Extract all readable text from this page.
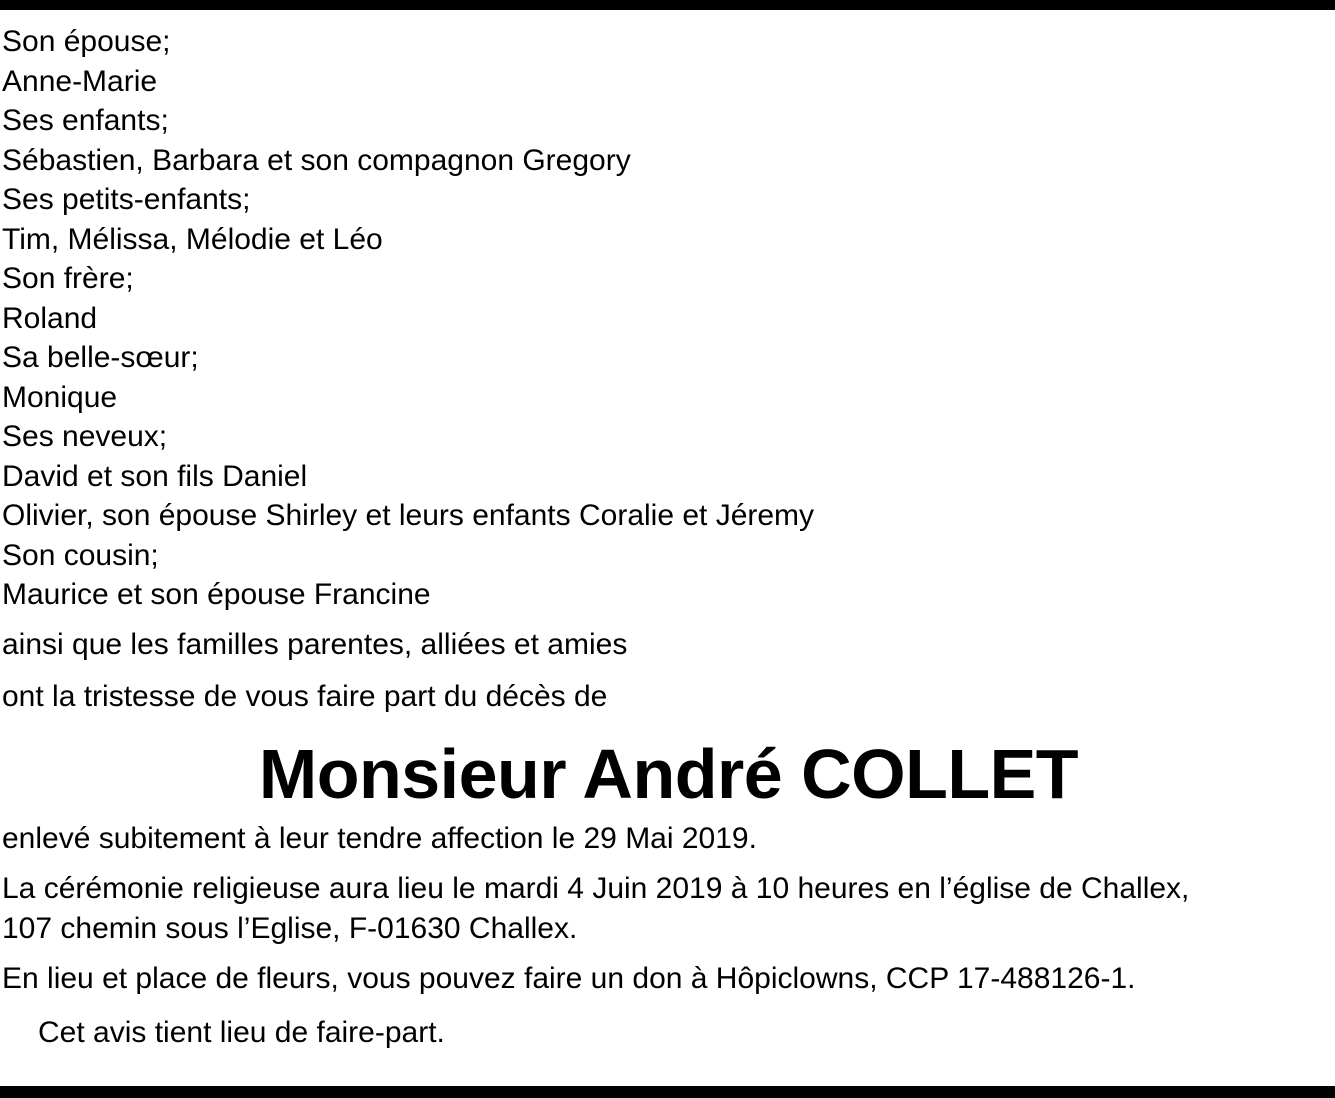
Son épouse;
Anne-Marie
Ses enfants;
Sébastien, Barbara et son compagnon Gregory
Ses petits-enfants;
Tim, Mélissa, Mélodie et Léo
Son frère;
Roland
Sa belle-sœur;
Monique
Ses neveux;
David et son fils Daniel
Olivier, son épouse Shirley et leurs enfants Coralie et Jéremy
Son cousin;
Maurice et son épouse Francine
ainsi que les familles parentes, alliées et amies
ont la tristesse de vous faire part du décès de
Monsieur André COLLET
enlevé subitement à leur tendre affection le 29 Mai 2019.
La cérémonie religieuse aura lieu le mardi 4 Juin 2019 à 10 heures en l’église de Challex,
107 chemin sous l’Eglise, F-01630 Challex.
En lieu et place de fleurs, vous pouvez faire un don à Hôpiclowns, CCP 17-488126-1.
Cet avis tient lieu de faire-part.
